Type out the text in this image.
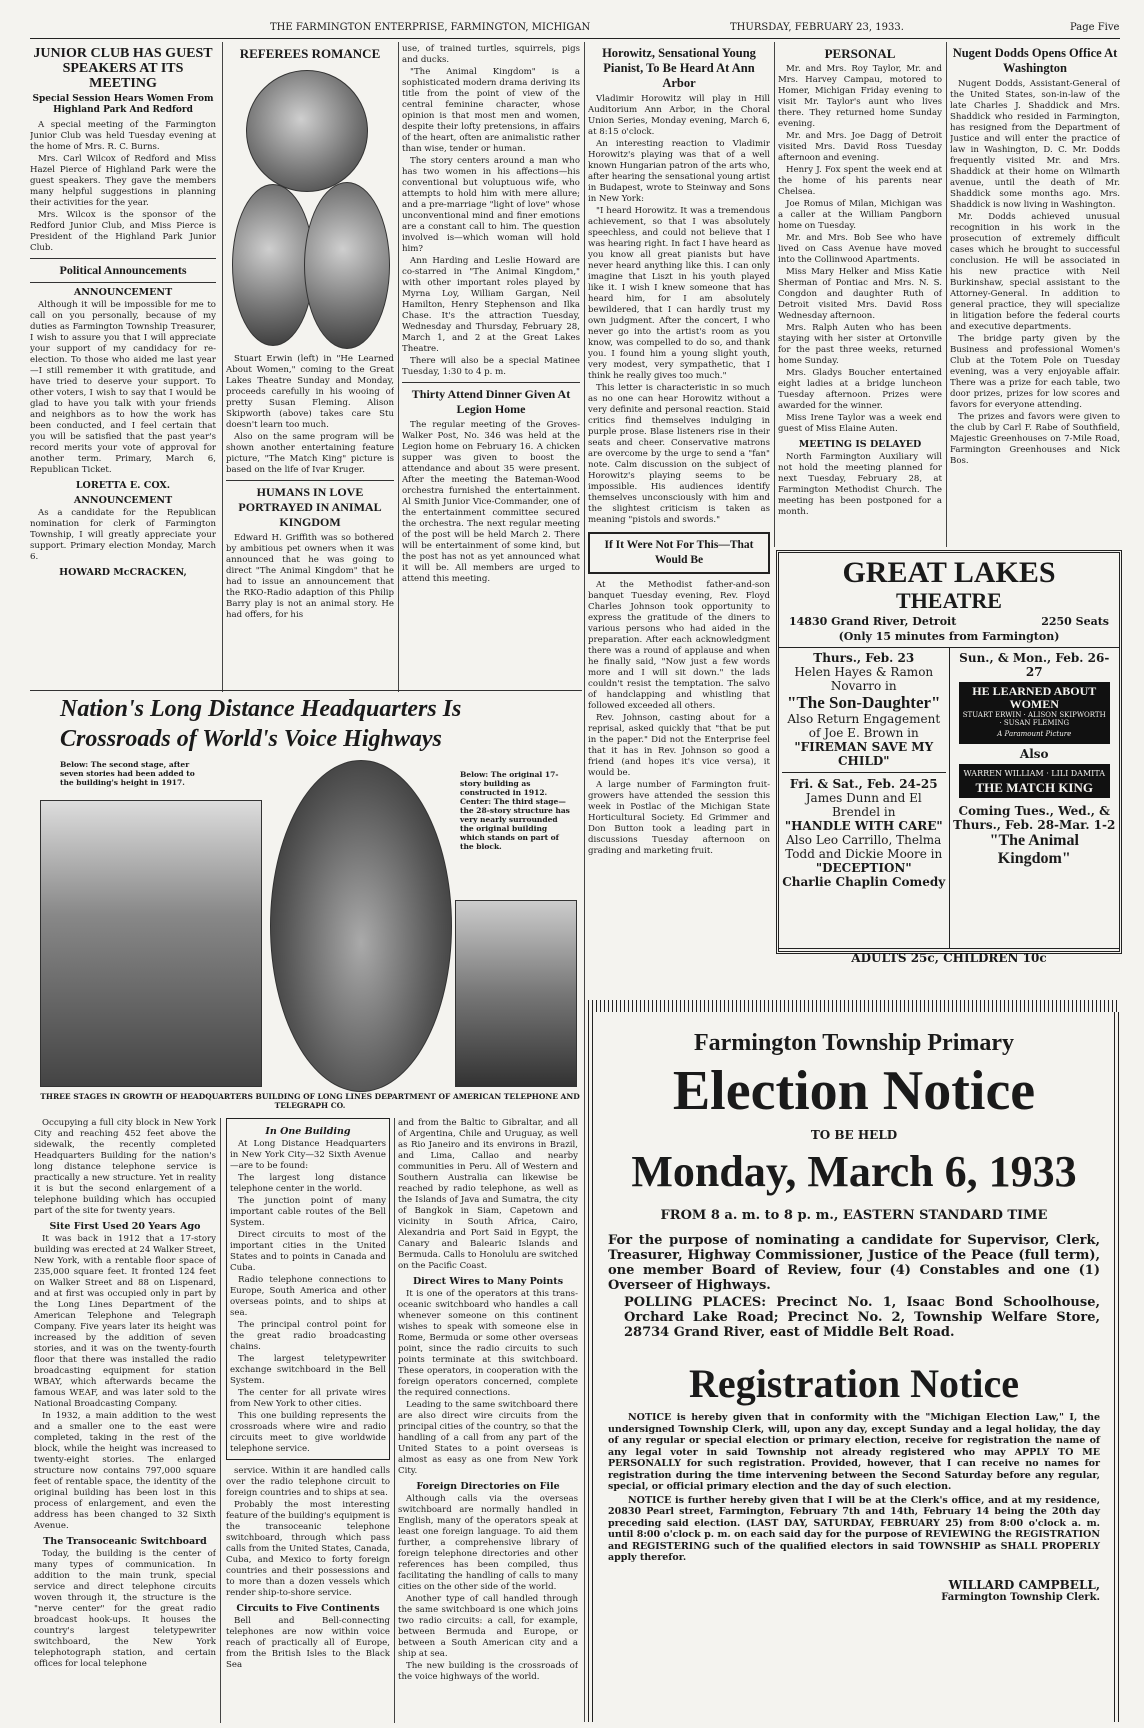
THE FARMINGTON ENTERPRISE, FARMINGTON, MICHIGAN	THURSDAY, FEBRUARY 23, 1933.	Page Five
JUNIOR CLUB HAS GUEST SPEAKERS AT ITS MEETING
Special Session Hears Women From Highland Park And Redford

A special meeting of the Farmington Junior Club was held Tuesday evening at the home of Mrs. R. C. Burns.

Mrs. Carl Wilcox of Redford and Miss Hazel Pierce of Highland Park were the guest speakers. They gave the members many helpful suggestions in planning their activities for the year.

Mrs. Wilcox is the sponsor of the Redford Junior Club, and Miss Pierce is President of the Highland Park Junior Club.

Political Announcements
ANNOUNCEMENT

Although it will be impossible for me to call on you personally, because of my duties as Farmington Township Treasurer, I wish to assure you that I will appreciate your support of my candidacy for re-election. To those who aided me last year—I still remember it with gratitude, and have tried to deserve your support. To other voters, I wish to say that I would be glad to have you talk with your friends and neighbors as to how the work has been conducted, and I feel certain that you will be satisfied that the past year's record merits your vote of approval for another term. Primary, March 6, Republican Ticket.

LORETTA E. COX.
ANNOUNCEMENT

As a candidate for the Republican nomination for clerk of Farmington Township, I will greatly appreciate your support. Primary election Monday, March 6.

HOWARD McCRACKEN,
REFEREES ROMANCE

Stuart Erwin (left) in "He Learned About Women," coming to the Great Lakes Theatre Sunday and Monday, proceeds carefully in his wooing of pretty Susan Fleming. Alison Skipworth (above) takes care Stu doesn't learn too much.

Also on the same program will be shown another entertaining feature picture, "The Match King" picture is based on the life of Ivar Kruger.

HUMANS IN LOVE PORTRAYED IN ANIMAL KINGDOM

Edward H. Griffith was so bothered by ambitious pet owners when it was announced that he was going to direct "The Animal Kingdom" that he had to issue an announcement that the RKO-Radio adaption of this Philip Barry play is not an animal story. He had offers, for his

use, of trained turtles, squirrels, pigs and ducks.

"The Animal Kingdom" is a sophisticated modern drama deriving its title from the point of view of the central feminine character, whose opinion is that most men and women, despite their lofty pretensions, in affairs of the heart, often are animalistic rather than wise, tender or human.

The story centers around a man who has two women in his affections—his conventional but voluptuous wife, who attempts to hold him with mere allure; and a pre-marriage "light of love" whose unconventional mind and finer emotions are a constant call to him. The question involved is—which woman will hold him?

Ann Harding and Leslie Howard are co-starred in "The Animal Kingdom," with other important roles played by Myrna Loy, William Gargan, Neil Hamilton, Henry Stephenson and Ilka Chase. It's the attraction Tuesday, Wednesday and Thursday, February 28, March 1, and 2 at the Great Lakes Theatre.

There will also be a special Matinee Tuesday, 1:30 to 4 p. m.

Thirty Attend Dinner Given At Legion Home

The regular meeting of the Groves-Walker Post, No. 346 was held at the Legion home on February 16. A chicken supper was given to boost the attendance and about 35 were present. After the meeting the Bateman-Wood orchestra furnished the entertainment. Al Smith Junior Vice-Commander, one of the entertainment committee secured the orchestra. The next regular meeting of the post will be held March 2. There will be entertainment of some kind, but the post has not as yet announced what it will be. All members are urged to attend this meeting.

Horowitz, Sensational Young Pianist, To Be Heard At Ann Arbor

Vladimir Horowitz will play in Hill Auditorium Ann Arbor, in the Choral Union Series, Monday evening, March 6, at 8:15 o'clock.

An interesting reaction to Vladimir Horowitz's playing was that of a well known Hungarian patron of the arts who, after hearing the sensational young artist in Budapest, wrote to Steinway and Sons in New York:

"I heard Horowitz. It was a tremendous achievement, so that I was absolutely speechless, and could not believe that I was hearing right. In fact I have heard as you know all great pianists but have never heard anything like this. I can only imagine that Liszt in his youth played like it. I wish I knew someone that has heard him, for I am absolutely bewildered, that I can hardly trust my own judgment. After the concert, I who never go into the artist's room as you know, was compelled to do so, and thank you. I found him a young slight youth, very modest, very sympathetic, that I think he really gives too much."

This letter is characteristic in so much as no one can hear Horowitz without a very definite and personal reaction. Staid critics find themselves indulging in purple prose. Blase listeners rise in their seats and cheer. Conservative matrons are overcome by the urge to send a "fan" note. Calm discussion on the subject of Horowitz's playing seems to be impossible. His audiences identify themselves unconsciously with him and the slightest criticism is taken as meaning "pistols and swords."

If It Were Not For This—That Would Be

At the Methodist father-and-son banquet Tuesday evening, Rev. Floyd Charles Johnson took opportunity to express the gratitude of the diners to various persons who had aided in the preparation. After each acknowledgment there was a round of applause and when he finally said, "Now just a few words more and I will sit down." the lads couldn't resist the temptation. The salvo of handclapping and whistling that followed exceeded all others.

Rev. Johnson, casting about for a reprisal, asked quickly that "that be put in the paper." Did not the Enterprise feel that it has in Rev. Johnson so good a friend (and hopes it's vice versa), it would be.

A large number of Farmington fruit-growers have attended the session this week in Postlac of the Michigan State Horticultural Society. Ed Grimmer and Don Button took a leading part in discussions Tuesday afternoon on grading and marketing fruit.

PERSONAL

Mr. and Mrs. Roy Taylor, Mr. and Mrs. Harvey Campau, motored to Homer, Michigan Friday evening to visit Mr. Taylor's aunt who lives there. They returned home Sunday evening.

Mr. and Mrs. Joe Dagg of Detroit visited Mrs. David Ross Tuesday afternoon and evening.

Henry J. Fox spent the week end at the home of his parents near Chelsea.

Joe Romus of Milan, Michigan was a caller at the William Pangborn home on Tuesday.

Mr. and Mrs. Bob See who have lived on Cass Avenue have moved into the Collinwood Apartments.

Miss Mary Helker and Miss Katie Sherman of Pontiac and Mrs. N. S. Congdon and daughter Ruth of Detroit visited Mrs. David Ross Wednesday afternoon.

Mrs. Ralph Auten who has been staying with her sister at Ortonville for the past three weeks, returned home Sunday.

Mrs. Gladys Boucher entertained eight ladies at a bridge luncheon Tuesday afternoon. Prizes were awarded for the winner.

Miss Irene Taylor was a week end guest of Miss Elaine Auten.

MEETING IS DELAYED

North Farmington Auxiliary will not hold the meeting planned for next Tuesday, February 28, at Farmington Methodist Church. The meeting has been postponed for a month.

Nugent Dodds Opens Office At Washington

Nugent Dodds, Assistant-General of the United States, son-in-law of the late Charles J. Shaddick and Mrs. Shaddick who resided in Farmington, has resigned from the Department of Justice and will enter the practice of law in Washington, D. C. Mr. Dodds frequently visited Mr. and Mrs. Shaddick at their home on Wilmarth avenue, until the death of Mr. Shaddick some months ago. Mrs. Shaddick is now living in Washington.

Mr. Dodds achieved unusual recognition in his work in the prosecution of extremely difficult cases which he brought to successful conclusion. He will be associated in his new practice with Neil Burkinshaw, special assistant to the Attorney-General. In addition to general practice, they will specialize in litigation before the federal courts and executive departments.

The bridge party given by the Business and professional Women's Club at the Totem Pole on Tuesday evening, was a very enjoyable affair. There was a prize for each table, two door prizes, prizes for low scores and favors for everyone attending.

The prizes and favors were given to the club by Carl F. Rabe of Southfield, Majestic Greenhouses on 7-Mile Road, Farmington Greenhouses and Nick Bos.

GREAT LAKES
THEATRE
14830 Grand River, Detroit	2250 Seats
(Only 15 minutes from Farmington)
Thurs., Feb. 23
Helen Hayes & Ramon Novarro in
"The Son-Daughter"
Also Return Engagement of Joe E. Brown in
"FIREMAN SAVE MY CHILD"
Fri. & Sat., Feb. 24-25
James Dunn and El Brendel in
"HANDLE WITH CARE"
Also Leo Carrillo, Thelma Todd and Dickie Moore in
"DECEPTION"
Charlie Chaplin Comedy
Sun., & Mon., Feb. 26-27
HE LEARNED ABOUT WOMEN
STUART ERWIN · ALISON SKIPWORTH · SUSAN FLEMING
A Paramount Picture
Also
WARREN WILLIAM · LILI DAMITA
THE MATCH KING
Coming Tues., Wed., & Thurs., Feb. 28-Mar. 1-2
"The Animal Kingdom"
ADULTS 25c, CHILDREN 10c
Nation's Long Distance Headquarters Is
Crossroads of World's Voice Highways
Below: The second stage, after seven stories had been added to the building's height in 1917.
Below: The original 17-story building as constructed in 1912. Center: The third stage—the 28-story structure has very nearly surrounded the original building which stands on part of the block.
THREE STAGES IN GROWTH OF HEADQUARTERS BUILDING OF LONG LINES DEPARTMENT OF AMERICAN TELEPHONE AND TELEGRAPH CO.

Occupying a full city block in New York City and reaching 452 feet above the sidewalk, the recently completed Headquarters Building for the nation's long distance telephone service is practically a new structure. Yet in reality it is but the second enlargement of a telephone building which has occupied part of the site for twenty years.

Site First Used 20 Years Ago

It was back in 1912 that a 17-story building was erected at 24 Walker Street, New York, with a rentable floor space of 235,000 square feet. It fronted 124 feet on Walker Street and 88 on Lispenard, and at first was occupied only in part by the Long Lines Department of the American Telephone and Telegraph Company. Five years later its height was increased by the addition of seven stories, and it was on the twenty-fourth floor that there was installed the radio broadcasting equipment for station WBAY, which afterwards became the famous WEAF, and was later sold to the National Broadcasting Company.

In 1932, a main addition to the west and a smaller one to the east were completed, taking in the rest of the block, while the height was increased to twenty-eight stories. The enlarged structure now contains 797,000 square feet of rentable space, the identity of the original building has been lost in this process of enlargement, and even the address has been changed to 32 Sixth Avenue.

The Transoceanic Switchboard

Today, the building is the center of many types of communication. In addition to the main trunk, special service and direct telephone circuits woven through it, the structure is the "nerve center" for the great radio broadcast hook-ups. It houses the country's largest teletypewriter switchboard, the New York telephotograph station, and certain offices for local telephone

In One Building

At Long Distance Headquarters in New York City—32 Sixth Avenue—are to be found:

The largest long distance telephone center in the world.

The junction point of many important cable routes of the Bell System.

Direct circuits to most of the important cities in the United States and to points in Canada and Cuba.

Radio telephone connections to Europe, South America and other overseas points, and to ships at sea.

The principal control point for the great radio broadcasting chains.

The largest teletypewriter exchange switchboard in the Bell System.

The center for all private wires from New York to other cities.

This one building represents the crossroads where wire and radio circuits meet to give worldwide telephone service.

service. Within it are handled calls over the radio telephone circuit to foreign countries and to ships at sea.

Probably the most interesting feature of the building's equipment is the transoceanic telephone switchboard, through which pass calls from the United States, Canada, Cuba, and Mexico to forty foreign countries and their possessions and to more than a dozen vessels which render ship-to-shore service.

Circuits to Five Continents

Bell and Bell-connecting telephones are now within voice reach of practically all of Europe, from the British Isles to the Black Sea

and from the Baltic to Gibraltar, and all of Argentina, Chile and Uruguay, as well as Rio Janeiro and its environs in Brazil, and Lima, Callao and nearby communities in Peru. All of Western and Southern Australia can likewise be reached by radio telephone, as well as the Islands of Java and Sumatra, the city of Bangkok in Siam, Capetown and vicinity in South Africa, Cairo, Alexandria and Port Said in Egypt, the Canary and Balearic Islands and Bermuda. Calls to Honolulu are switched on the Pacific Coast.

Direct Wires to Many Points

It is one of the operators at this trans-oceanic switchboard who handles a call whenever someone on this continent wishes to speak with someone else in Rome, Bermuda or some other overseas point, since the radio circuits to such points terminate at this switchboard. These operators, in cooperation with the foreign operators concerned, complete the required connections.

Leading to the same switchboard there are also direct wire circuits from the principal cities of the country, so that the handling of a call from any part of the United States to a point overseas is almost as easy as one from New York City.

Foreign Directories on File

Although calls via the overseas switchboard are normally handled in English, many of the operators speak at least one foreign language. To aid them further, a comprehensive library of foreign telephone directories and other references has been compiled, thus facilitating the handling of calls to many cities on the other side of the world.

Another type of call handled through the same switchboard is one which joins two radio circuits: a call, for example, between Bermuda and Europe, or between a South American city and a ship at sea.

The new building is the crossroads of the voice highways of the world.

Farmington Township Primary
Election Notice
TO BE HELD
Monday, March 6, 1933
FROM 8 a. m. to 8 p. m., EASTERN STANDARD TIME
For the purpose of nominating a candidate for Supervisor, Clerk, Treasurer, Highway Commissioner, Justice of the Peace (full term), one member Board of Review, four (4) Constables and one (1) Overseer of Highways.
POLLING PLACES: Precinct No. 1, Isaac Bond Schoolhouse, Orchard Lake Road; Precinct No. 2, Township Welfare Store, 28734 Grand River, east of Middle Belt Road.
Registration Notice
NOTICE is hereby given that in conformity with the "Michigan Election Law," I, the undersigned Township Clerk, will, upon any day, except Sunday and a legal holiday, the day of any regular or special election or primary election, receive for registration the name of any legal voter in said Township not already registered who may APPLY TO ME PERSONALLY for such registration. Provided, however, that I can receive no names for registration during the time intervening between the Second Saturday before any regular, special, or official primary election and the day of such election.
NOTICE is further hereby given that I will be at the Clerk's office, and at my residence, 20830 Pearl street, Farmington, February 7th and 14th, February 14 being the 20th day preceding said election. (LAST DAY, SATURDAY, FEBRUARY 25) from 8:00 o'clock a. m. until 8:00 o'clock p. m. on each said day for the purpose of REVIEWING the REGISTRATION and REGISTERING such of the qualified electors in said TOWNSHIP as SHALL PROPERLY apply therefor.
WILLARD CAMPBELL,
Farmington Township Clerk.
